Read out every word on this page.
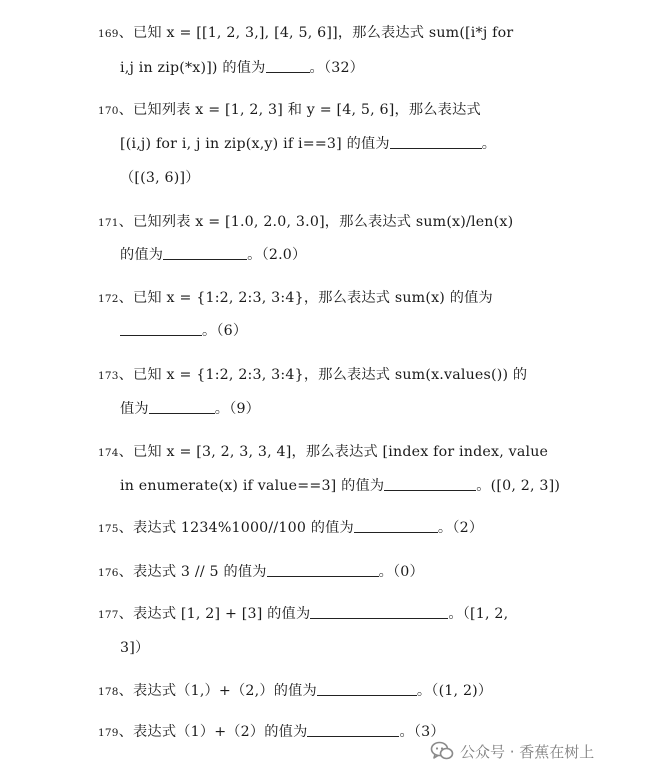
169、已知 x = [[1, 2, 3,], [4, 5, 6]]，那么表达式 sum([i*j for
i,j in zip(*x)]) 的值为	。（32）
170、已知列表 x = [1, 2, 3] 和 y = [4, 5, 6]，那么表达式
[(i,j) for i, j in zip(x,y) if i==3] 的值为	。
（[(3, 6)]）
171、已知列表 x = [1.0, 2.0, 3.0]，那么表达式 sum(x)/len(x)
的值为	。（2.0）
172、已知 x = {1:2, 2:3, 3:4}，那么表达式 sum(x) 的值为
。（6）
173、已知 x = {1:2, 2:3, 3:4}，那么表达式 sum(x.values()) 的
值为	。（9）
174、已知 x = [3, 2, 3, 3, 4]，那么表达式 [index for index, value
in enumerate(x) if value==3] 的值为	。([0, 2, 3])
175、表达式 1234%1000//100 的值为	。（2）
176、表达式 3 // 5 的值为	。（0）
177、表达式 [1, 2] + [3] 的值为	。（[1, 2,
3]）
178、表达式（1,）+（2,）的值为	。（(1, 2)）
179、表达式（1）+（2）的值为	。（3）
公众号 · 香蕉在树上
